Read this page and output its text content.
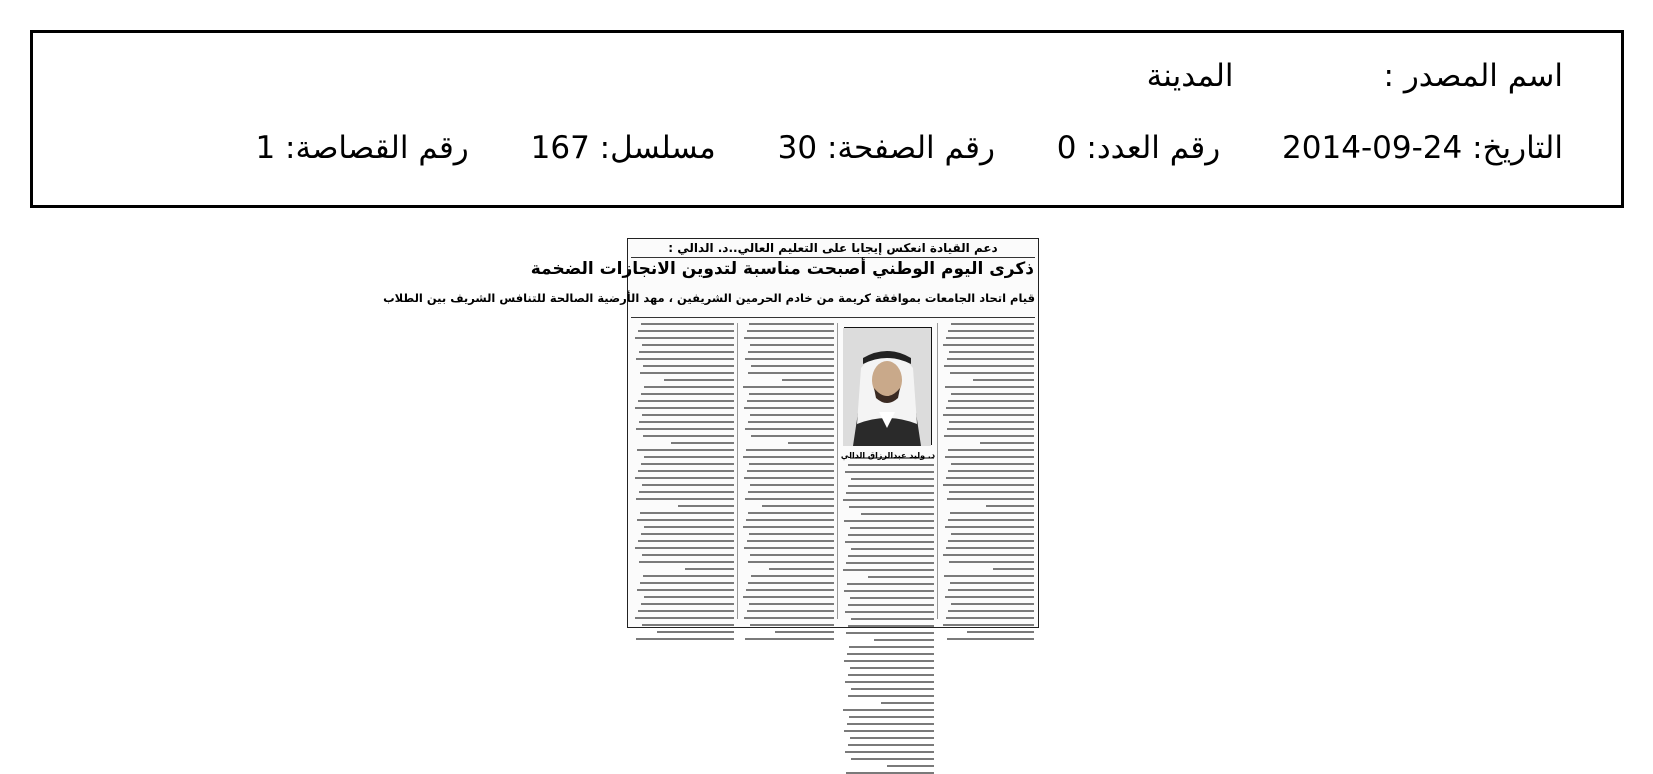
اسم المصدر :المدينة
التاريخ: 2014-09-24 رقم العدد: 0 رقم الصفحة: 30 مسلسل: 167 رقم القصاصة: 1
دعم القيادة انعكس إيجابا على التعليم العالي..د. الدالي :
ذكرى اليوم الوطني أصبحت مناسبة لتدوين الانجازات الضخمة
قيام اتحاد الجامعات بموافقة كريمة من خادم الحرمين الشريفين ، مهد الأرضية الصالحة للتنافس الشريف بين الطلاب
د. وليد عبدالرزاق الدالي
